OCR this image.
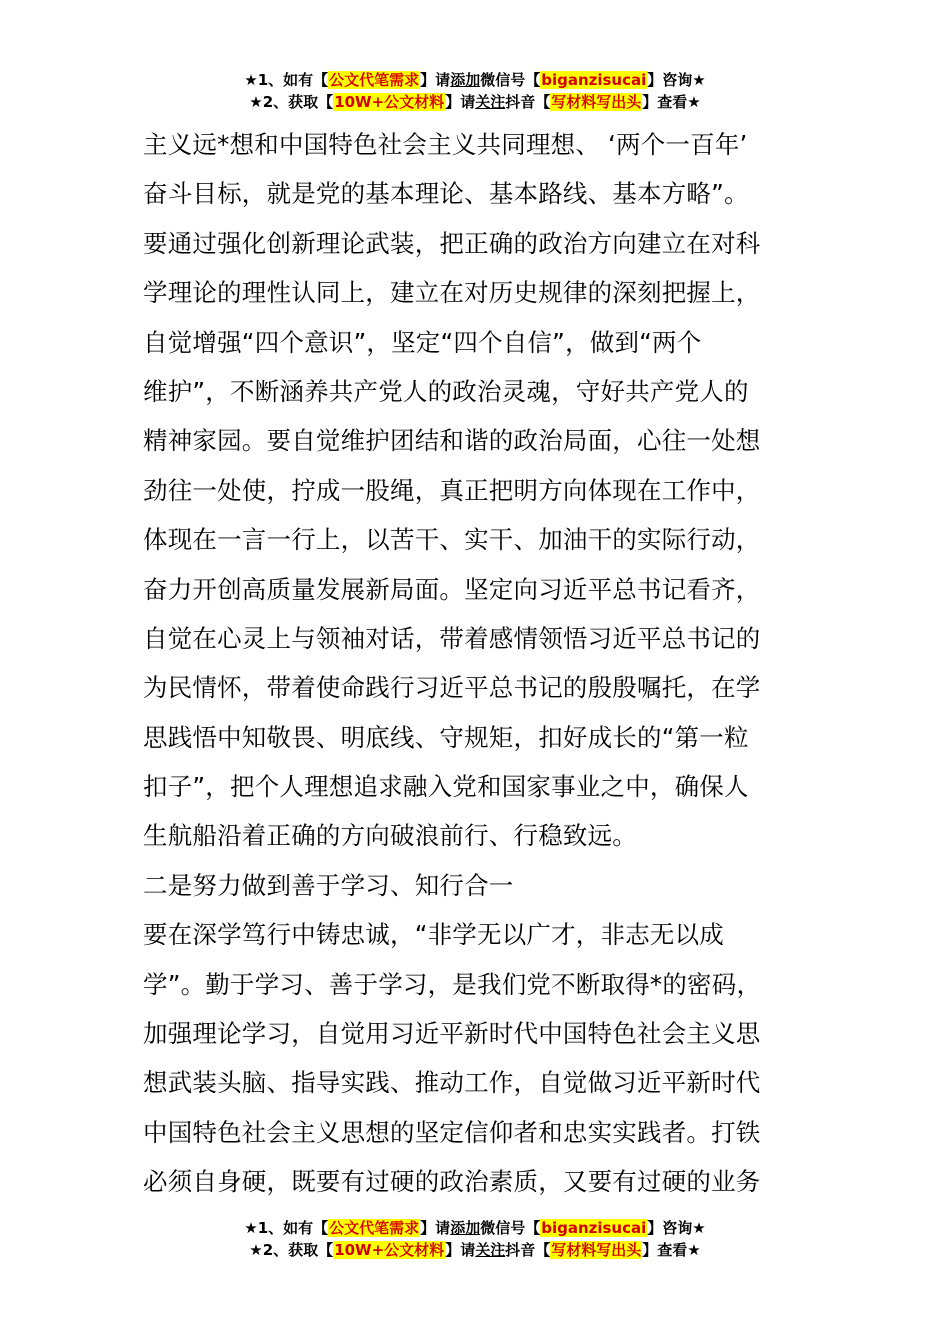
★1、如有【公文代笔需求】请添加微信号【biganzisucai】咨询★
★2、获取【10W+公文材料】请关注抖音【写材料写出头】查看★
主义远*想和中国特色社会主义共同理想、 ‘两个一百年’
奋斗目标，就是党的基本理论、基本路线、基本方略”。
要通过强化创新理论武装，把正确的政治方向建立在对科
学理论的理性认同上，建立在对历史规律的深刻把握上，
自觉增强“四个意识”，坚定“四个自信”，做到“两个
维护”，不断涵养共产党人的政治灵魂，守好共产党人的
精神家园。要自觉维护团结和谐的政治局面，心往一处想
劲往一处使，拧成一股绳，真正把明方向体现在工作中，
体现在一言一行上，以苦干、实干、加油干的实际行动，
奋力开创高质量发展新局面。坚定向习近平总书记看齐，
自觉在心灵上与领袖对话，带着感情领悟习近平总书记的
为民情怀，带着使命践行习近平总书记的殷殷嘱托，在学
思践悟中知敬畏、明底线、守规矩，扣好成长的“第一粒
扣子”，把个人理想追求融入党和国家事业之中，确保人
生航船沿着正确的方向破浪前行、行稳致远。
二是努力做到善于学习、知行合一
要在深学笃行中铸忠诚，“非学无以广才，非志无以成
学”。勤于学习、善于学习，是我们党不断取得*的密码，
加强理论学习，自觉用习近平新时代中国特色社会主义思
想武装头脑、指导实践、推动工作，自觉做习近平新时代
中国特色社会主义思想的坚定信仰者和忠实实践者。打铁
必须自身硬，既要有过硬的政治素质，又要有过硬的业务
★1、如有【公文代笔需求】请添加微信号【biganzisucai】咨询★
★2、获取【10W+公文材料】请关注抖音【写材料写出头】查看★
